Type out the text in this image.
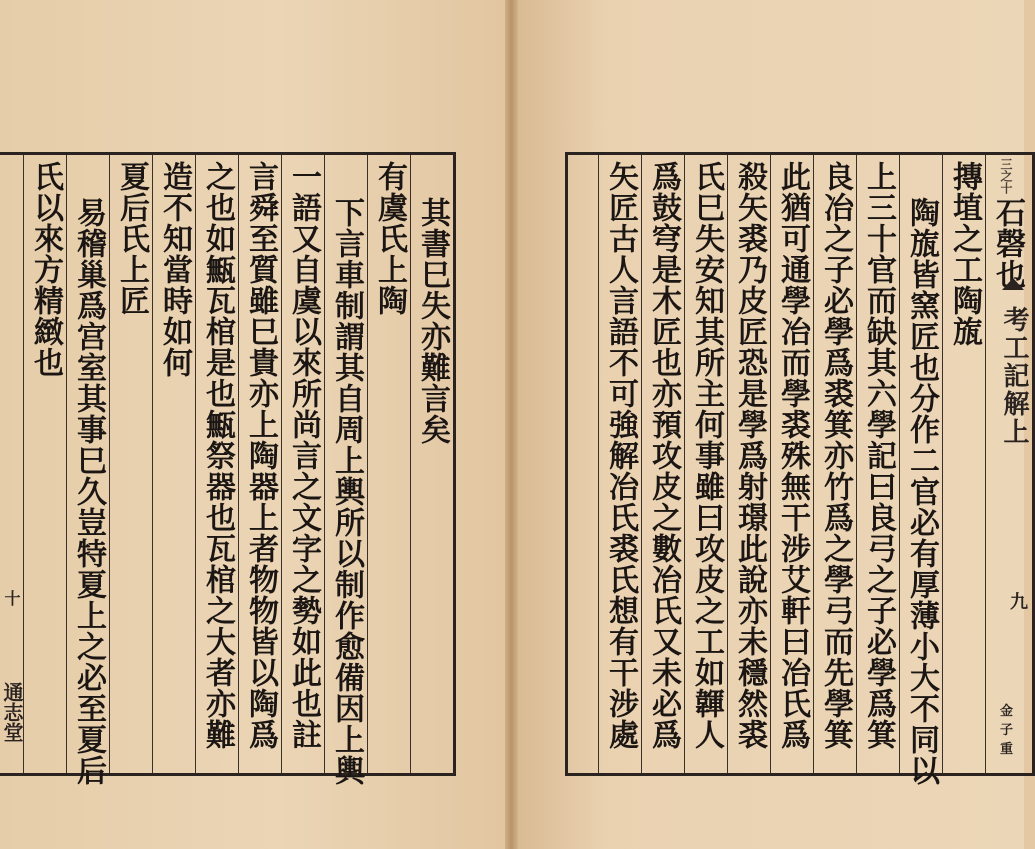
其書巳失亦難言矣
有虞氏上陶
下言車制謂其自周上輿所以制作愈備因上輿
一語又自虞以來所尚言之文字之勢如此也註
言舜至質雖巳貴亦上陶器上者物物皆以陶爲
之也如甒瓦棺是也甒祭器也瓦棺之大者亦難
造不知當時如何
夏后氏上匠
易稽巢爲宫室其事巳久豈特夏上之必至夏后
氏以來方精緻也
十
通志堂
石磬也
摶埴之工陶旊
陶旊皆窯匠也分作二官必有厚薄小大不同以
上三十官而缺其六學記曰良弓之子必學爲箕
良冶之子必學爲裘箕亦竹爲之學弓而先學箕
此猶可通學冶而學裘殊無干涉艾軒曰冶氏爲
殺矢裘乃皮匠恐是學爲射璟此說亦未穩然裘
氏巳失安知其所主何事雖曰攻皮之工如韗人
爲鼓穹是木匠也亦預攻皮之數冶氏又未必爲
矢匠古人言語不可強解冶氏裘氏想有干涉處	三之十
考工記解上
九
金子重
